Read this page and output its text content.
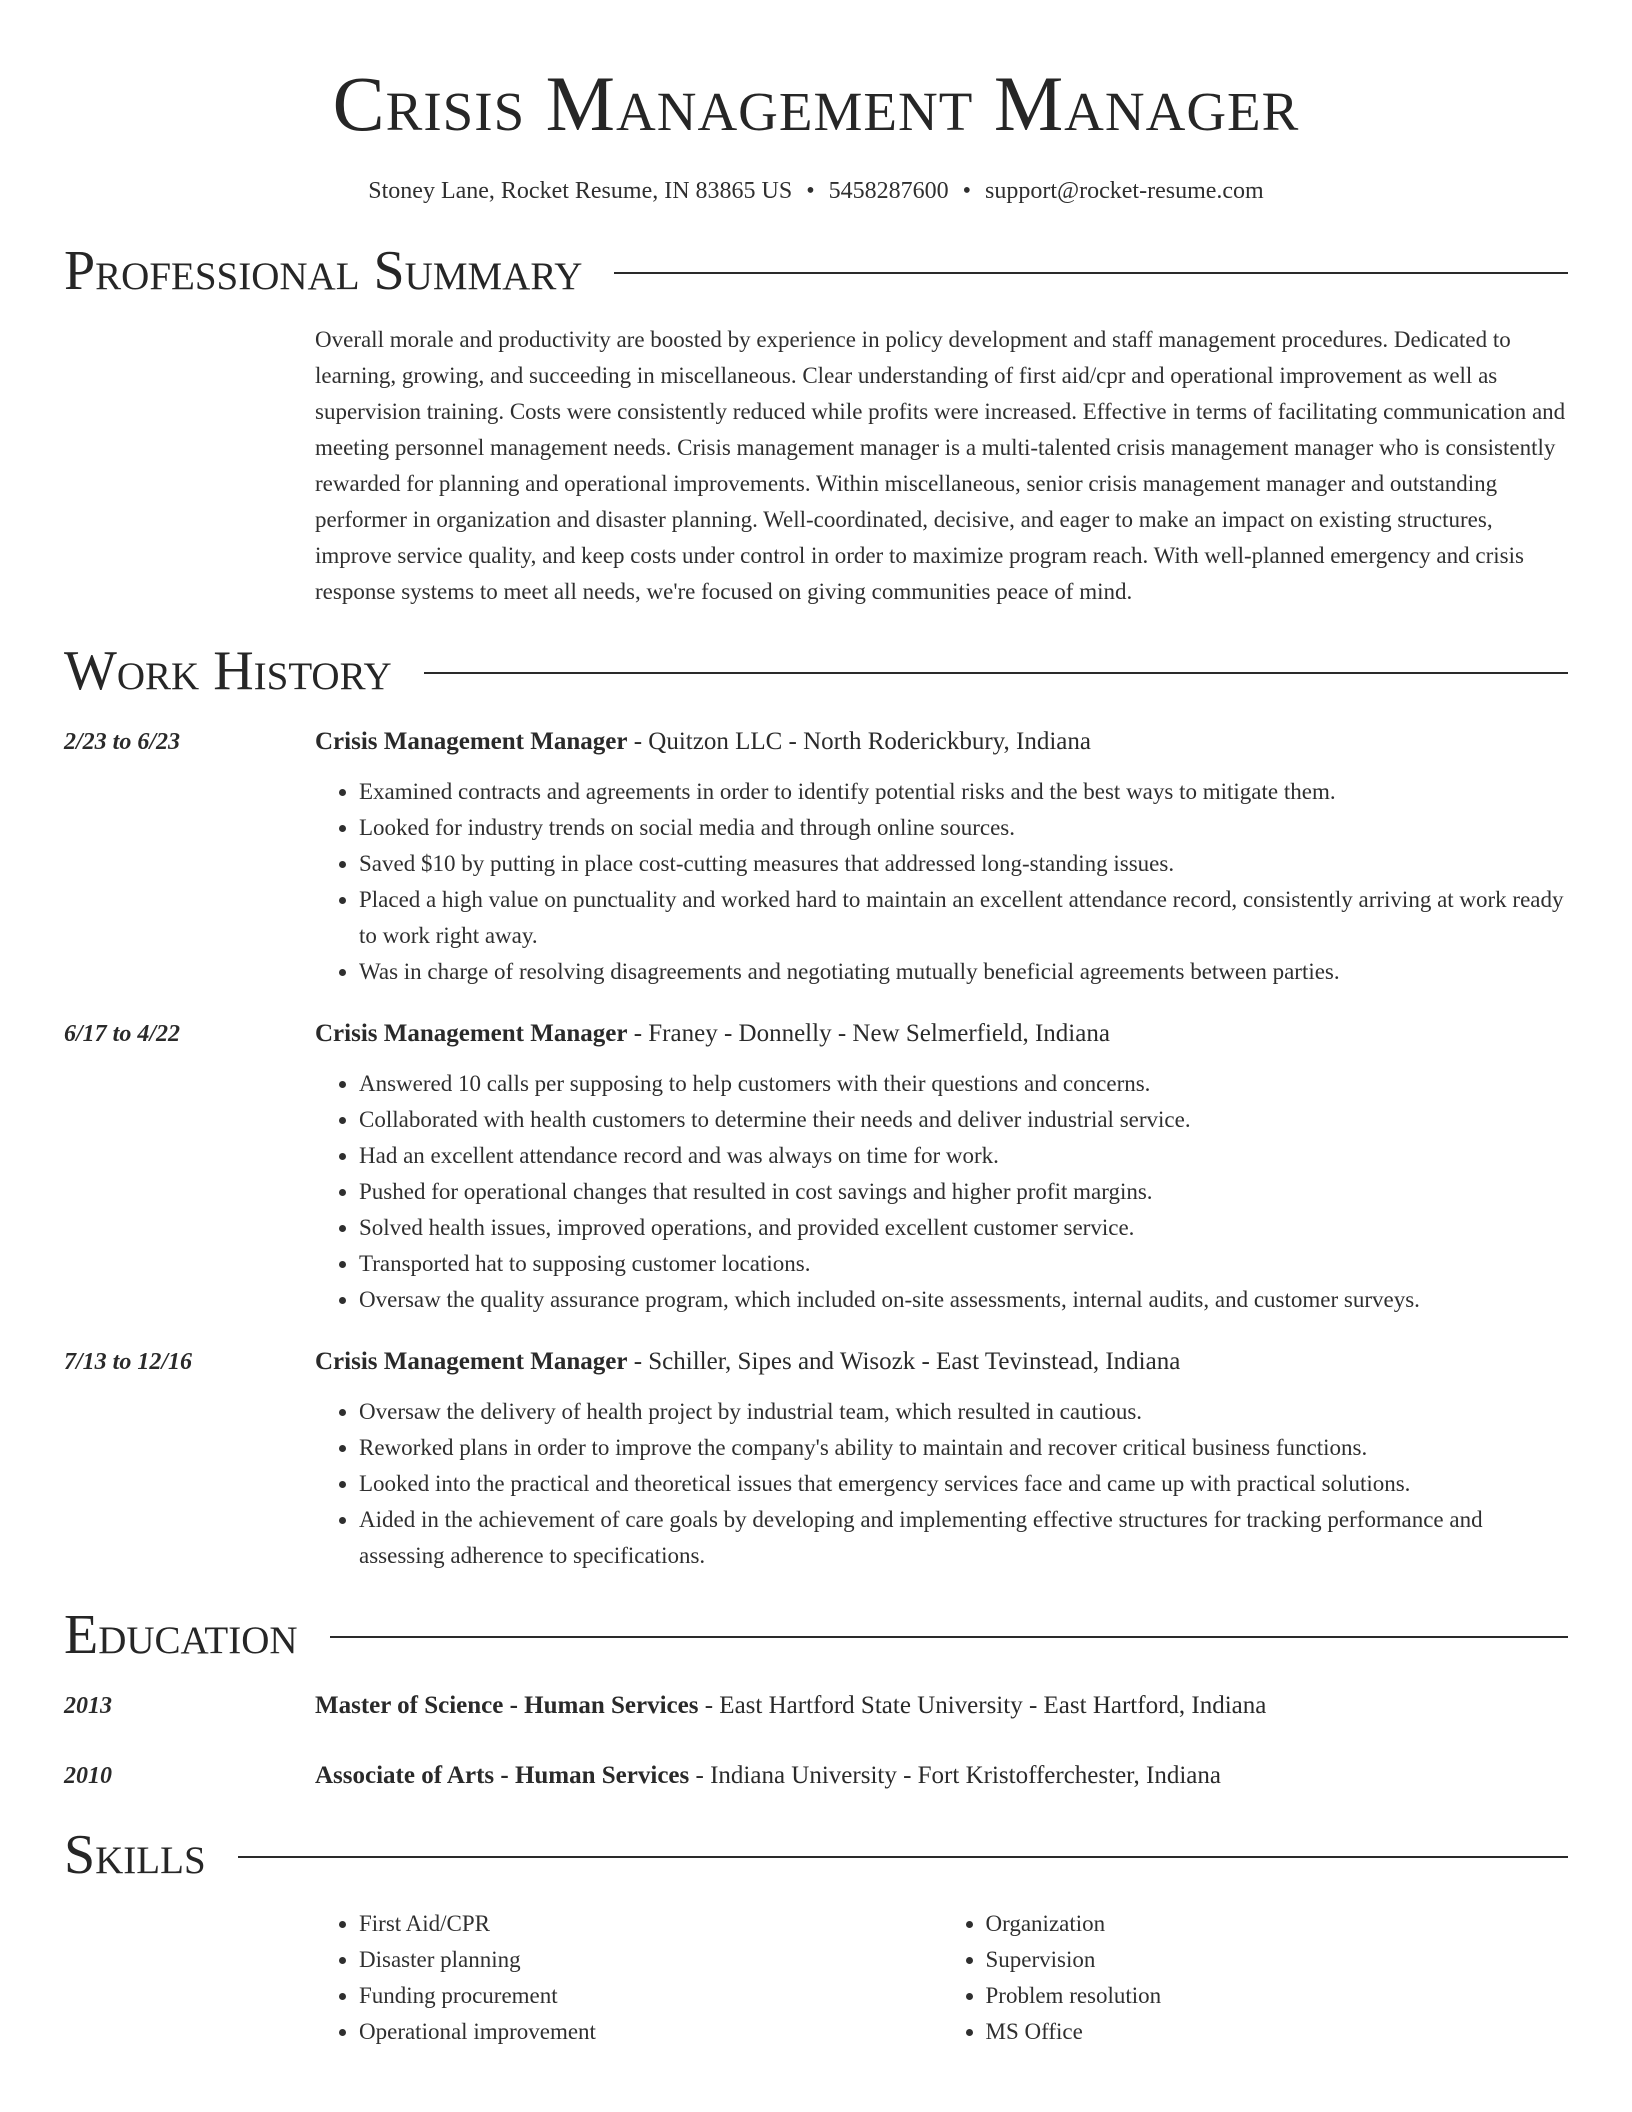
Crisis Management Manager
Stoney Lane, Rocket Resume, IN 83865 US • 5458287600 • support@rocket-resume.com
Professional Summary
Overall morale and productivity are boosted by experience in policy development and staff management procedures. Dedicated to learning, growing, and succeeding in miscellaneous. Clear understanding of first aid/cpr and operational improvement as well as supervision training. Costs were consistently reduced while profits were increased. Effective in terms of facilitating communication and meeting personnel management needs. Crisis management manager is a multi-talented crisis management manager who is consistently rewarded for planning and operational improvements. Within miscellaneous, senior crisis management manager and outstanding performer in organization and disaster planning. Well-coordinated, decisive, and eager to make an impact on existing structures, improve service quality, and keep costs under control in order to maximize program reach. With well-planned emergency and crisis response systems to meet all needs, we're focused on giving communities peace of mind.
Work History
2/23 to 6/23	Crisis Management Manager - Quitzon LLC - North Roderickbury, Indiana
• Examined contracts and agreements in order to identify potential risks and the best ways to mitigate them.
• Looked for industry trends on social media and through online sources.
• Saved $10 by putting in place cost-cutting measures that addressed long-standing issues.
• Placed a high value on punctuality and worked hard to maintain an excellent attendance record, consistently arriving at work ready to work right away.
• Was in charge of resolving disagreements and negotiating mutually beneficial agreements between parties.
6/17 to 4/22	Crisis Management Manager - Franey - Donnelly - New Selmerfield, Indiana
• Answered 10 calls per supposing to help customers with their questions and concerns.
• Collaborated with health customers to determine their needs and deliver industrial service.
• Had an excellent attendance record and was always on time for work.
• Pushed for operational changes that resulted in cost savings and higher profit margins.
• Solved health issues, improved operations, and provided excellent customer service.
• Transported hat to supposing customer locations.
• Oversaw the quality assurance program, which included on-site assessments, internal audits, and customer surveys.
7/13 to 12/16	Crisis Management Manager - Schiller, Sipes and Wisozk - East Tevinstead, Indiana
• Oversaw the delivery of health project by industrial team, which resulted in cautious.
• Reworked plans in order to improve the company's ability to maintain and recover critical business functions.
• Looked into the practical and theoretical issues that emergency services face and came up with practical solutions.
• Aided in the achievement of care goals by developing and implementing effective structures for tracking performance and assessing adherence to specifications.
Education
2013	Master of Science - Human Services - East Hartford State University - East Hartford, Indiana
2010	Associate of Arts - Human Services - Indiana University - Fort Kristofferchester, Indiana
Skills
• First Aid/CPR
• Disaster planning
• Funding procurement
• Operational improvement
• Organization
• Supervision
• Problem resolution
• MS Office
